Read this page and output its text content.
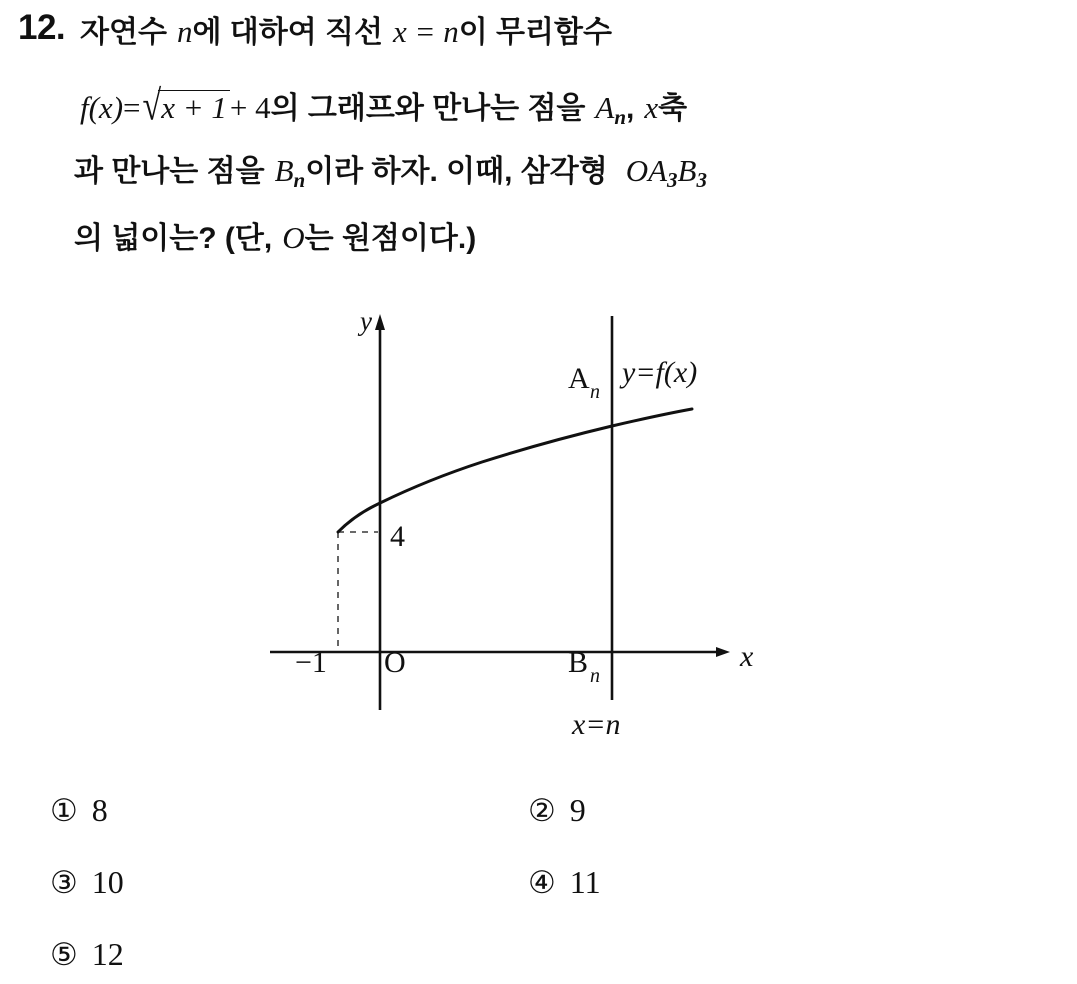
12. 자연수 n에 대하여 직선 x = n이 무리함수
f(x)=√x + 1+ 4의 그래프와 만나는 점을 $A_n$, x축
과 만나는 점을 $B_n$이라 하자. 이때, 삼각형 $OA_3B_3$
의 넓이는? (단, O는 원점이다.)
y
x
O
−1
4
y=f(x)
A n
B n
x=n
① 8	② 9
③ 10	④ 11
⑤ 12
